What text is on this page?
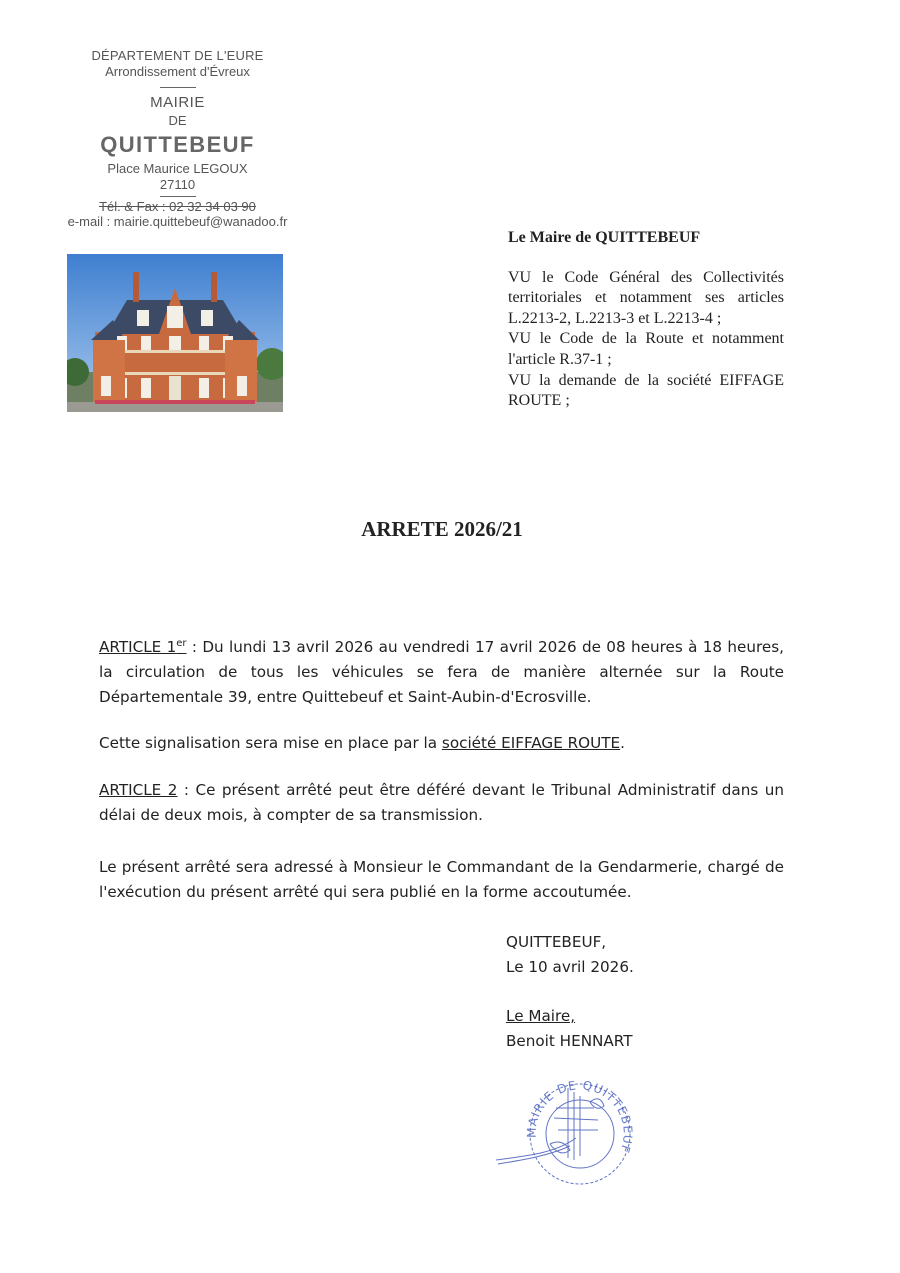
DÉPARTEMENT DE L'EURE
Arrondissement d'Évreux
MAIRIE
DE
QUITTEBEUF
Place Maurice LEGOUX
27110
Tél. & Fax : 02 32 34 03 90
e-mail : mairie.quittebeuf@wanadoo.fr
Le Maire de QUITTEBEUF

VU le Code Général des Collectivités territoriales et notamment ses articles L.2213-2, L.2213-3 et L.2213-4 ;

VU le Code de la Route et notamment l'article R.37-1 ;

VU la demande de la société EIFFAGE ROUTE ;

ARRETE 2026/21

ARTICLE 1er : Du lundi 13 avril 2026 au vendredi 17 avril 2026 de 08 heures à 18 heures, la circulation de tous les véhicules se fera de manière alternée sur la Route Départementale 39, entre Quittebeuf et Saint-Aubin-d'Ecrosville.

Cette signalisation sera mise en place par la société EIFFAGE ROUTE.

ARTICLE 2 : Ce présent arrêté peut être déféré devant le Tribunal Administratif dans un délai de deux mois, à compter de sa transmission.

Le présent arrêté sera adressé à Monsieur le Commandant de la Gendarmerie, chargé de l'exécution du présent arrêté qui sera publié en la forme accoutumée.

QUITTEBEUF,
Le 10 avril 2026.
Le Maire,
Benoit HENNART
MAIRIE DE QUITTEBEUF
